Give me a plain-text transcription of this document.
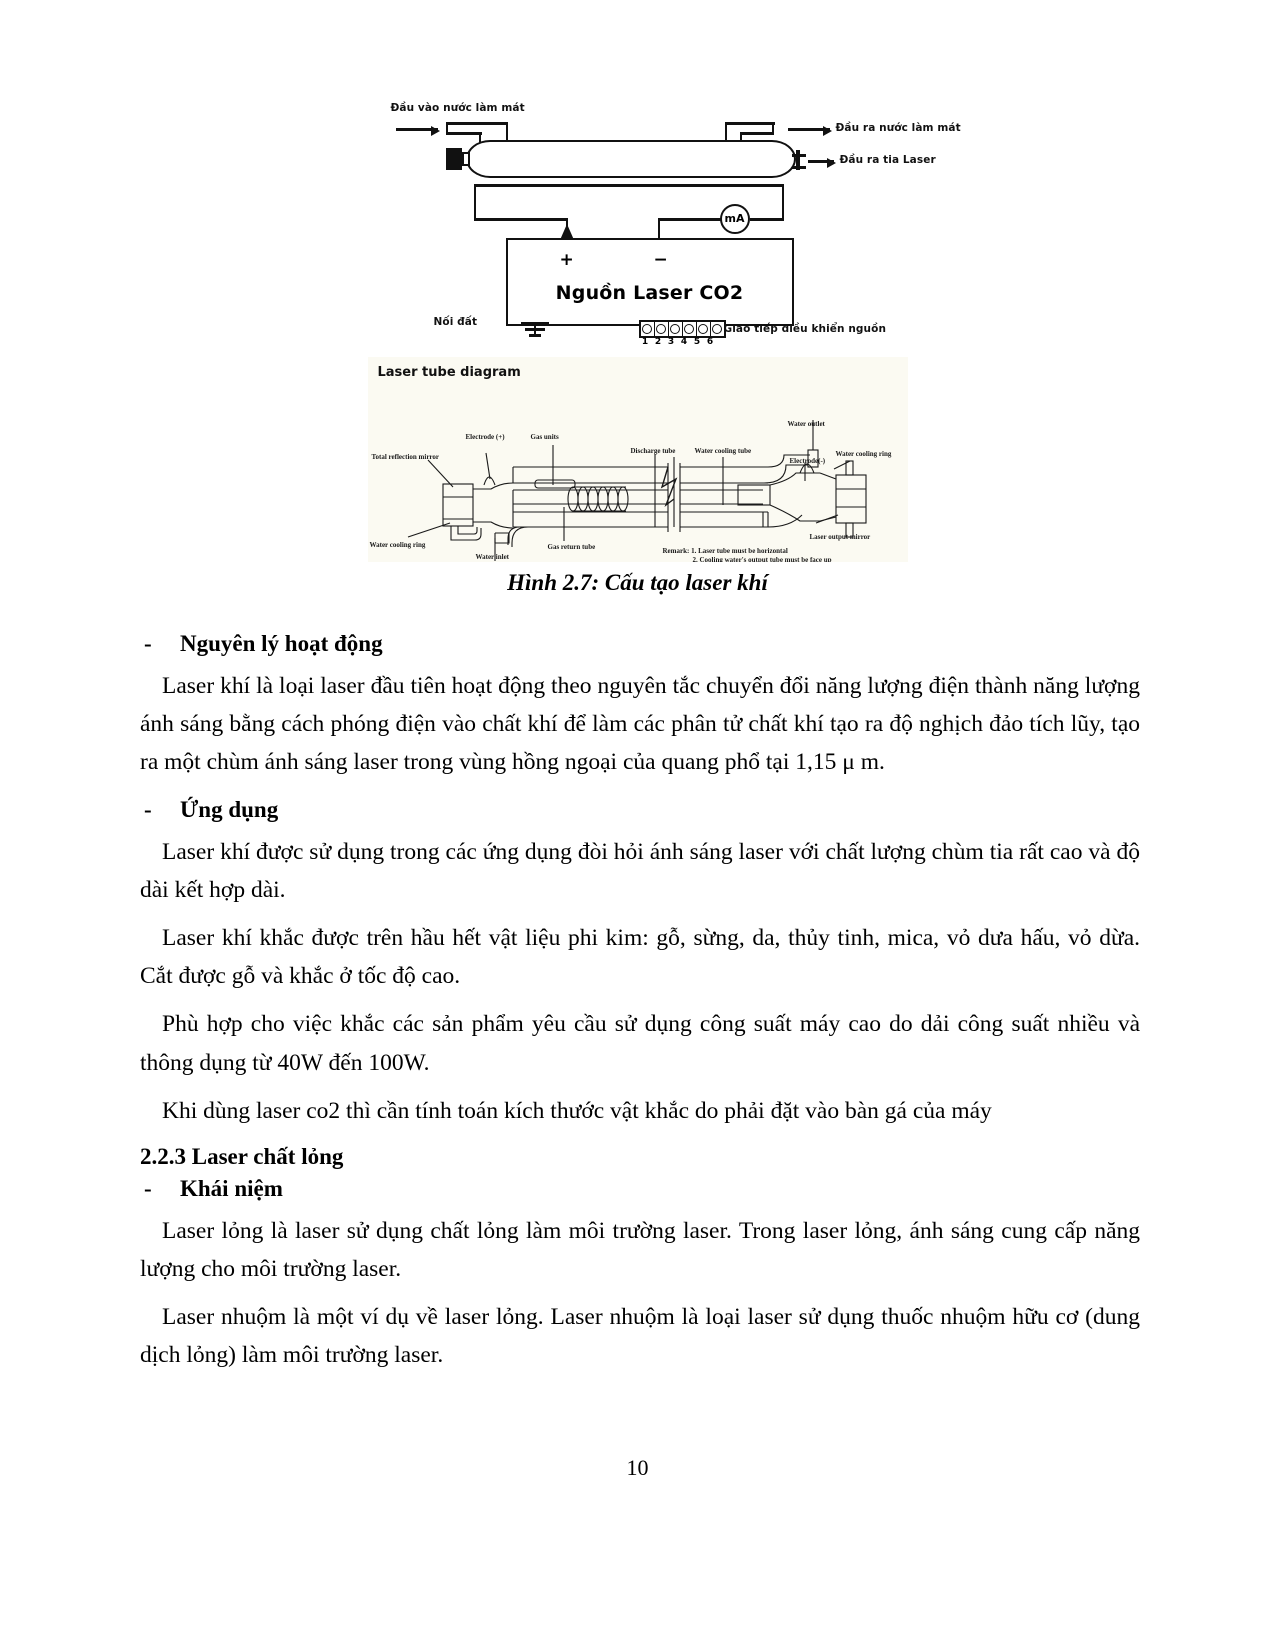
Đầu vào nước làm mát
Đầu ra nước làm mát
Đầu ra tia Laser
mA
+	−
Nguồn Laser CO2
Nối đất
1 2 3 4 5 6
Giao tiếp điều khiển nguồn
Laser tube diagram
Total reflection mirror
Electrode (+)	Gas units
Discharge tube	Water cooling tube
Water outlet
Water cooling ring
Electrode(-)
Water cooling ring	Gas return tube
Water inlet
Laser output mirror
Remark: 1. Laser tube must be horizontal
2. Cooling water's output tube must be face up
Hình 2.7: Cấu tạo laser khí
- Nguyên lý hoạt động

Laser khí là loại laser đầu tiên hoạt động theo nguyên tắc chuyển đổi năng lượng điện thành năng lượng ánh sáng bằng cách phóng điện vào chất khí để làm các phân tử chất khí tạo ra độ nghịch đảo tích lũy, tạo ra một chùm ánh sáng laser trong vùng hồng ngoại của quang phổ tại 1,15 μ m.

- Ứng dụng

Laser khí được sử dụng trong các ứng dụng đòi hỏi ánh sáng laser với chất lượng chùm tia rất cao và độ dài kết hợp dài.

Laser khí khắc được trên hầu hết vật liệu phi kim: gỗ, sừng, da, thủy tinh, mica, vỏ dưa hấu, vỏ dừa. Cắt được gỗ và khắc ở tốc độ cao.

Phù hợp cho việc khắc các sản phẩm yêu cầu sử dụng công suất máy cao do dải công suất nhiều và thông dụng từ 40W đến 100W.

Khi dùng laser co2 thì cần tính toán kích thước vật khắc do phải đặt vào bàn gá của máy

2.2.3 Laser chất lỏng
- Khái niệm

Laser lỏng là laser sử dụng chất lỏng làm môi trường laser. Trong laser lỏng, ánh sáng cung cấp năng lượng cho môi trường laser.

Laser nhuộm là một ví dụ về laser lỏng. Laser nhuộm là loại laser sử dụng thuốc nhuộm hữu cơ (dung dịch lỏng) làm môi trường laser.

10
